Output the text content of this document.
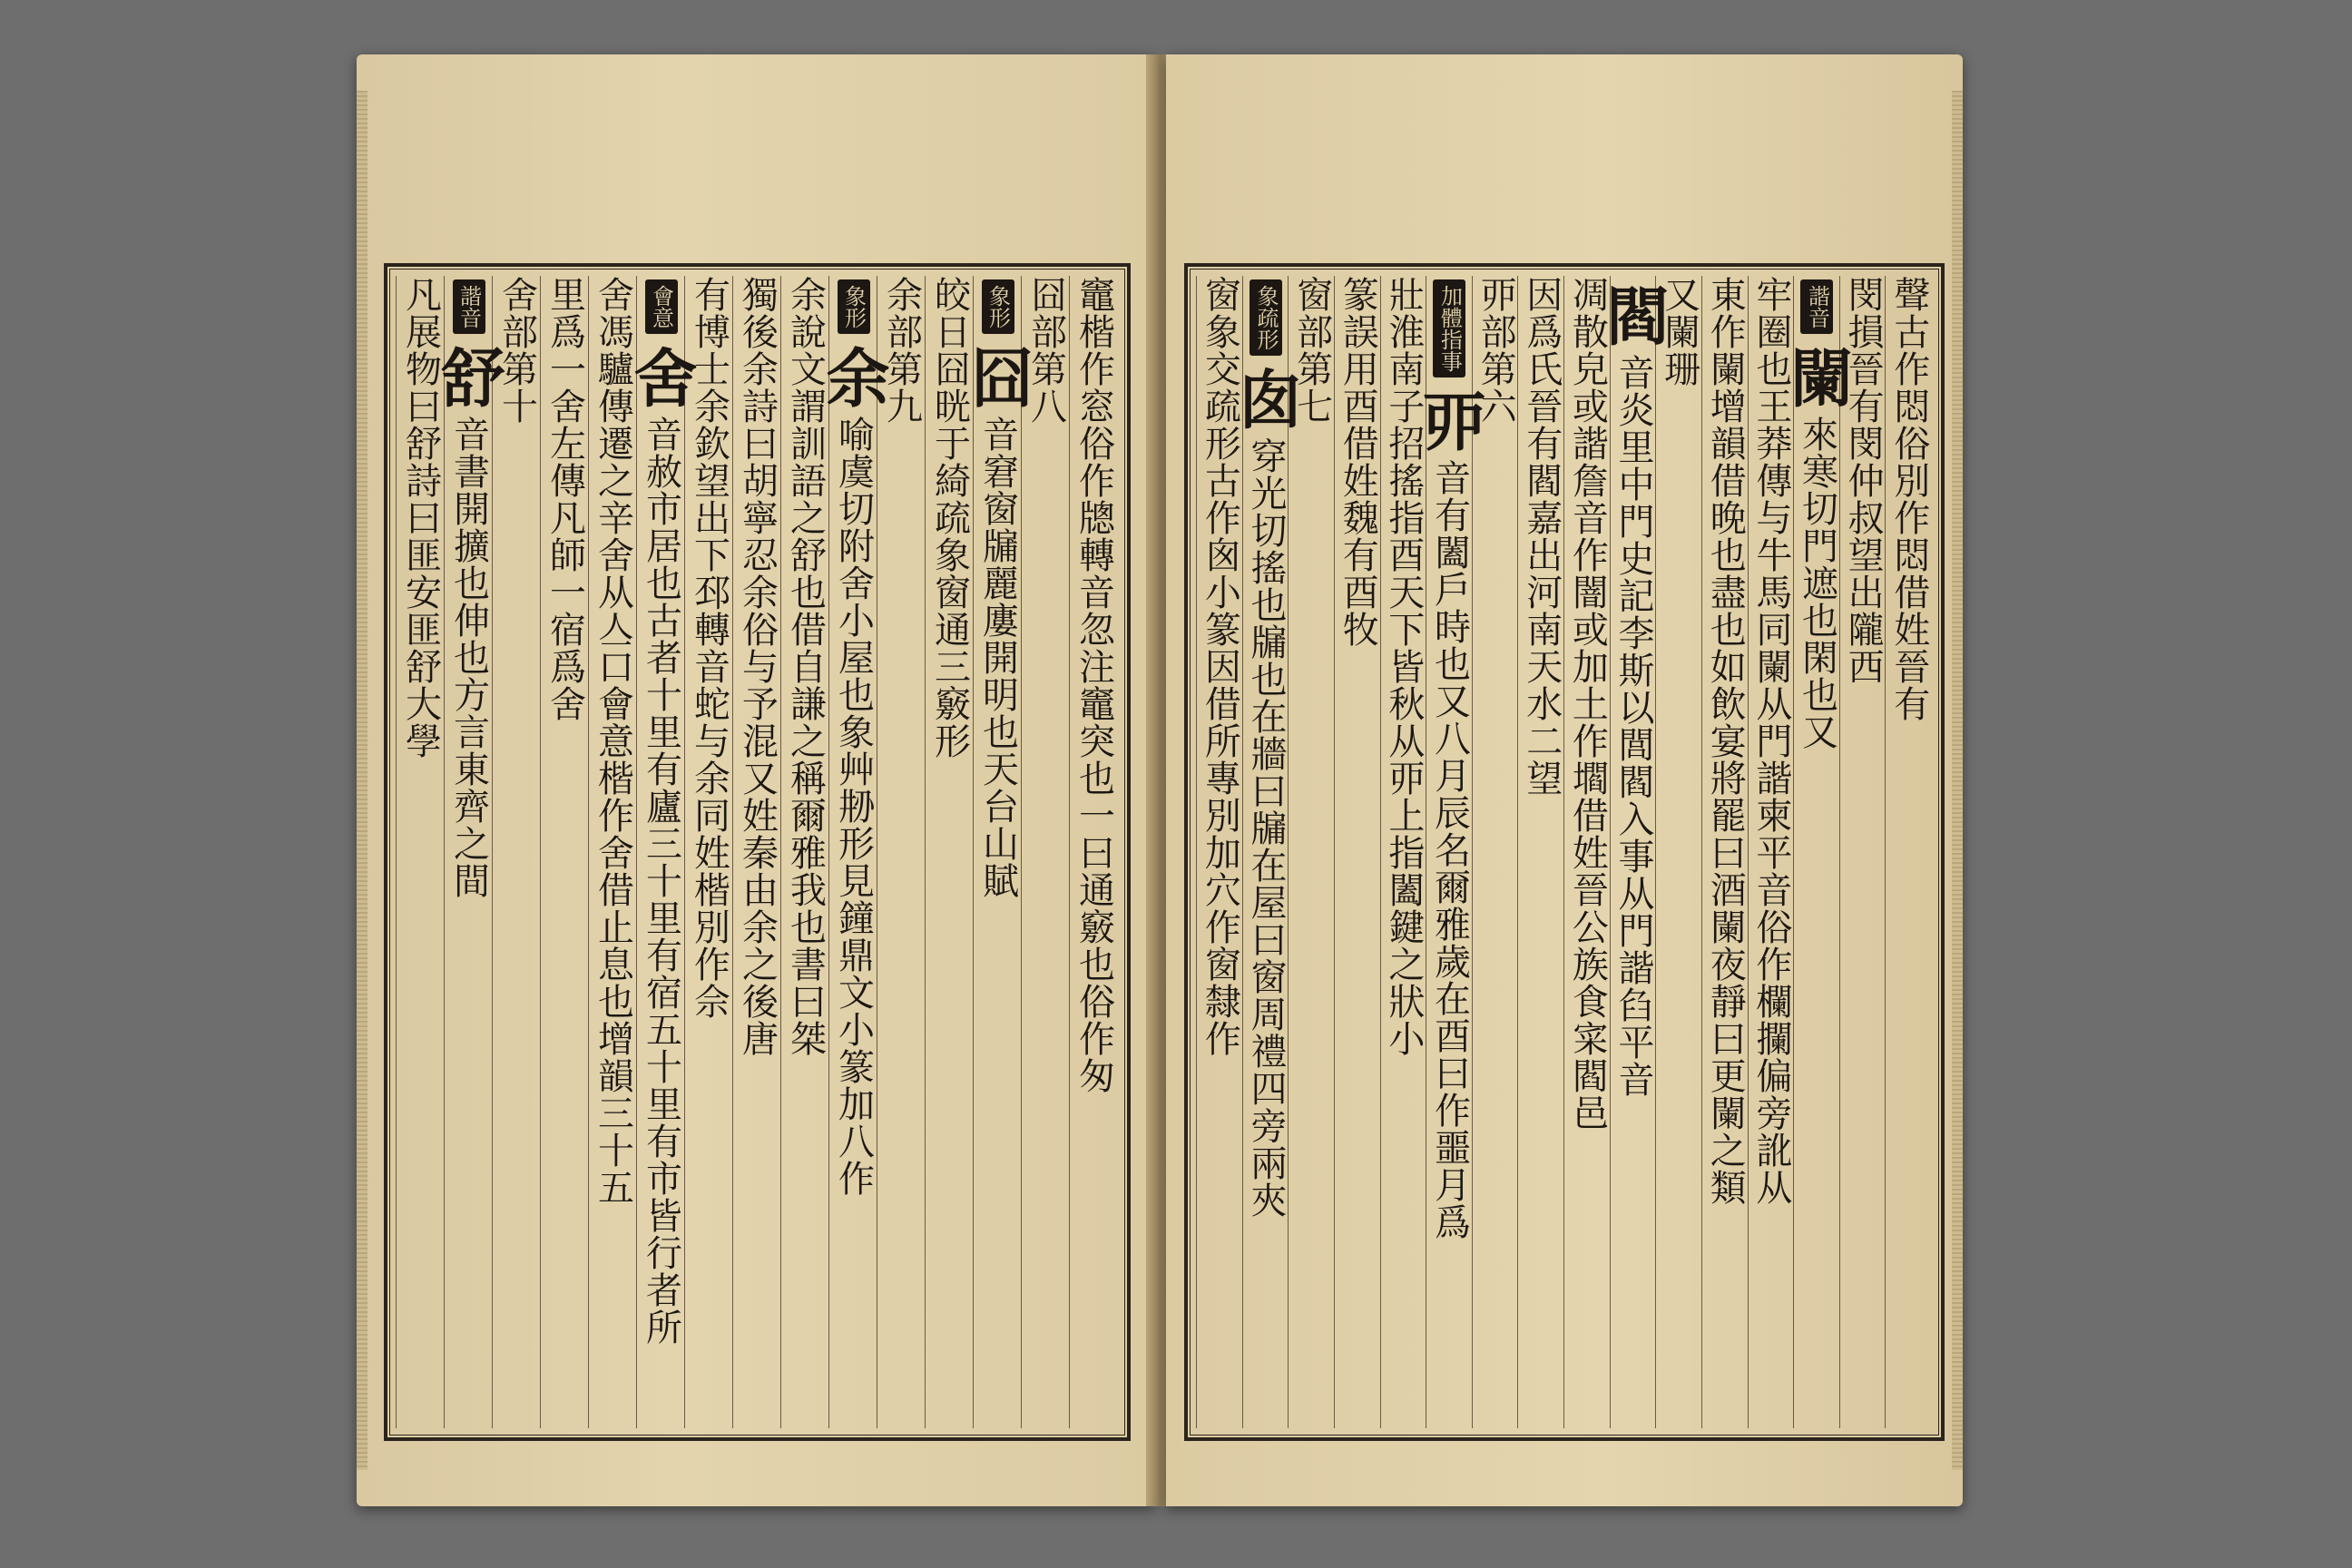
竈楷作窓俗作牕轉音忽注竈突也一曰通竅也俗作匆
囧部第八
象形
囧
音窘窗牖麗廔開明也天台山賦
皎日囧晄于綺疏象窗通三竅形
余部第九
象形
余
喻虞切附舍小屋也象艸刱形見鐘鼎文小篆加八作
余說文謂訓語之舒也借自謙之稱爾雅我也書曰桀
獨後余詩曰胡寧忍余俗与予混又姓秦由余之後唐
有博士余欽望出下邳轉音蛇与余同姓楷別作佘
會意
舍
音赦市居也古者十里有廬三十里有宿五十里有市皆行者所
舍馮驢傳遷之辛舍从亼口會意楷作舍借止息也增韻三十五
里爲一舍左傳凡師一宿爲舍
舍部第十
諧音
舒
音書開擴也伸也方言東齊之間
凡展物曰舒詩曰匪安匪舒大學	聲古作悶俗別作悶借姓晉有
閔損晉有閔仲叔望出隴西
諧音
闌
來寒切門遮也閑也又
牢圈也王莽傳与牛馬同闌从門諧柬平音俗作欄攔偏旁訛从
東作闌增韻借晚也盡也如飲宴將罷曰酒闌夜靜曰更闌之類
又闌珊
閻
音炎里中門史記李斯以閭閻入事从門諧臽平音
凋散皃或諧詹音作闇或加土作壛借姓晉公族食寀閻邑
因爲氏晉有閻嘉出河南天水二望
丣部第六
加體指事
丣
音有闔戶時也又八月辰名爾雅歲在酉曰作噩月爲
壯淮南子招搖指酉天下皆秋从丣上指闔鍵之狀小
篆誤用酉借姓魏有酉牧
窗部第七
象疏形
囱
穿光切搖也牖也在牆曰牖在屋曰窗周禮四旁兩夾
窗象交疏形古作囪小篆因借所專別加穴作窗隸作
